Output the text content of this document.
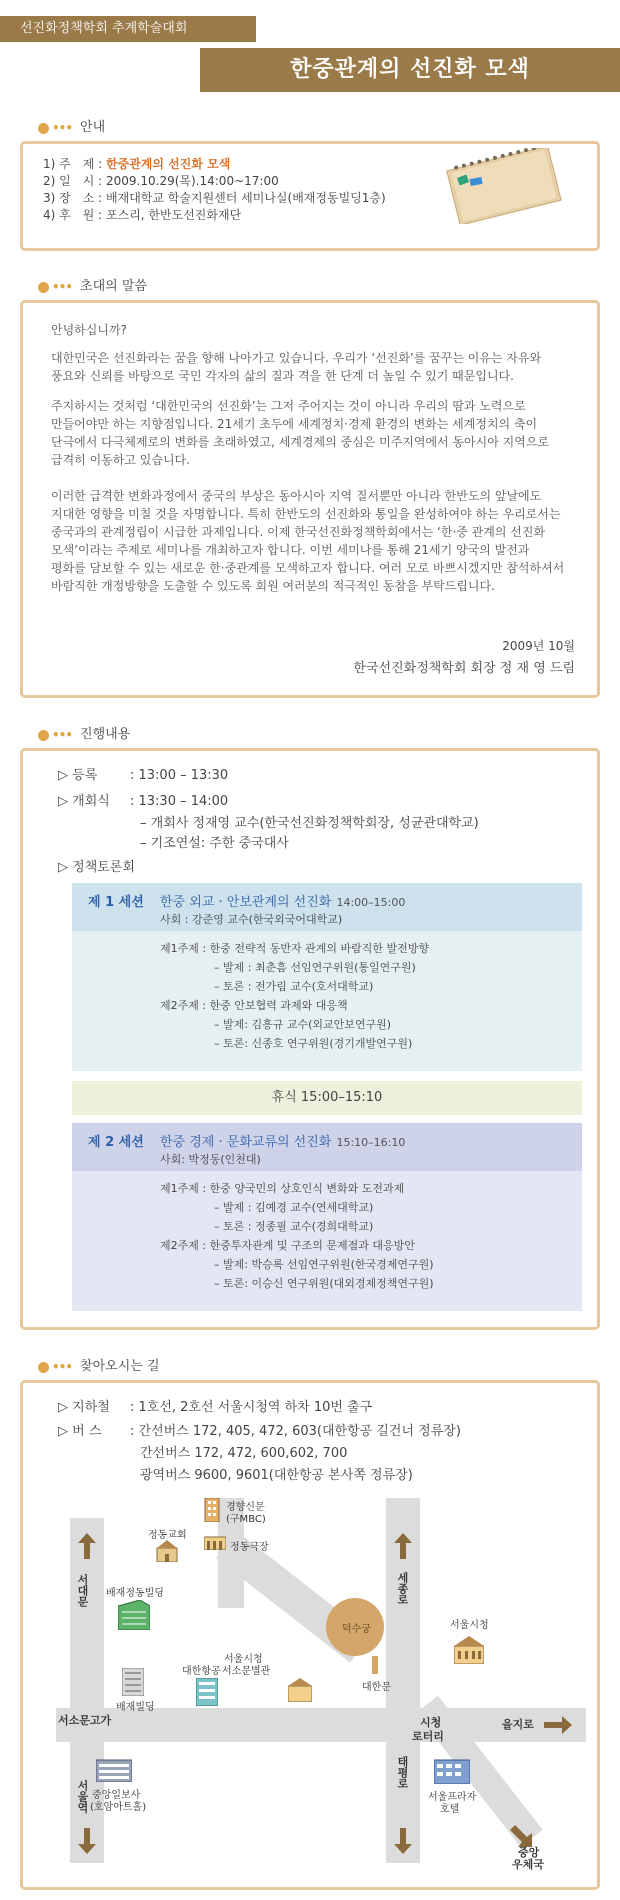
선진화정책학회 추계학술대회
한중관계의 선진화 모색
••• 안내
1) 주　제 : 한중관계의 선진화 모색
2) 일　시 : 2009.10.29(목).14:00~17:00
3) 장　소 : 배재대학교 학술지원센터 세미나실(배재정동빌딩1층)
4) 후　원 : 포스리, 한반도선진화재단
••• 초대의 말씀
안녕하십니까?
대한민국은 선진화라는 꿈을 향해 나아가고 있습니다. 우리가 ‘선진화’를 꿈꾸는 이유는 자유와
풍요와 신뢰를 바탕으로 국민 각자의 삶의 질과 격을 한 단계 더 높일 수 있기 때문입니다.
주지하시는 것처럼 ‘대한민국의 선진화’는 그저 주어지는 것이 아니라 우리의 땀과 노력으로
만들어야만 하는 지향점입니다. 21세기 초두에 세계정치·경제 환경의 변화는 세계정치의 축이
단극에서 다극체제로의 변화를 초래하였고, 세계경제의 중심은 미주지역에서 동아시아 지역으로
급격히 이동하고 있습니다.
이러한 급격한 변화과정에서 중국의 부상은 동아시아 지역 질서뿐만 아니라 한반도의 앞날에도
지대한 영향을 미칠 것을 자명합니다. 특히 한반도의 선진화와 통일을 완성하여야 하는 우리로서는
중국과의 관계정립이 시급한 과제입니다. 이제 한국선진화정책학회에서는 ‘한·중 관계의 선진화
모색’이라는 주제로 세미나를 개최하고자 합니다. 이번 세미나를 통해 21세기 양국의 발전과
평화를 담보할 수 있는 새로운 한·중관계를 모색하고자 합니다. 여러 모로 바쁘시겠지만 참석하셔서
바람직한 개정방향을 도출할 수 있도록 회원 여러분의 적극적인 동참을 부탁드립니다.
2009년 10월
한국선진화정책학회 회장 정 재 영 드림
••• 진행내용
▷ 등록	: 13:00 – 13:30
▷ 개회식 : 13:30 – 14:00
– 개회사 정재영 교수(한국선진화정책학회장, 성균관대학교)
– 기조연설: 주한 중국대사
▷ 정책토론회
제 1 세션 한중 외교 · 안보관계의 선진화 14:00–15:00
사회 : 강준영 교수(한국외국어대학교)
제1주제 : 한중 전략적 동반자 관계의 바람직한 발전방향
– 발제 : 최춘흠 선임연구위원(통일연구원)
– 토론 : 전가림 교수(호서대학교)
제2주제 : 한중 안보협력 과제와 대응책
– 발제: 김흥규 교수(외교안보연구원)
– 토론: 신종호 연구위원(경기개발연구원)
휴식 15:00–15:10
제 2 세션 한중 경제 · 문화교류의 선진화 15:10–16:10
사회: 박정동(인천대)
제1주제 : 한중 양국민의 상호인식 변화와 도전과제
– 발제 : 김예경 교수(연세대학교)
– 토론 : 정종필 교수(경희대학교)
제2주제 : 한중투자관계 및 구조의 문제점과 대응방안
– 발제: 박승록 선임연구위원(한국경제연구원)
– 토론: 이승신 연구위원(대외경제정책연구원)
••• 찾아오시는 길
▷ 지하철 : 1호선, 2호선 서울시청역 하차 10번 출구
▷ 버 스 : 간선버스 172, 405, 472, 603(대한항공 길건너 정류장)
간선버스 172, 472, 600,602, 700
광역버스 9600, 9601(대한항공 본사쪽 정류장)
덕수궁
대한문
서대문
서소문고가
서울역
정동교회
경향신문
(구MBC)
정동극장
배재정동빌딩
배재빌딩
대한항공
서울시청
서소문별관
세종로
서울시청
을지로
시청
로터리
태평로
서울프라자
호텔
중앙일보사
(호암아트홀)
중앙
우체국
